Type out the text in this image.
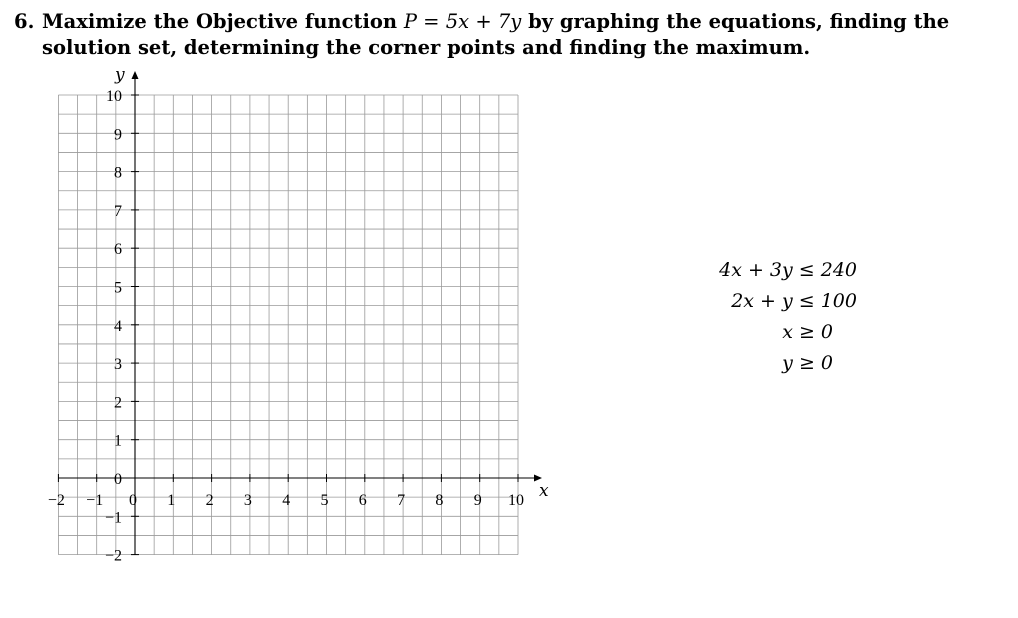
6. Maximize the Objective function P = 5x + 7y by graphing the equations, finding the
solution set, determining the corner points and finding the maximum.
x
y
−2 −1 0 1 2 3 4 5 6 7 8 9 10
−2
−1
0
1
2
3
4
5
6
7
8
9
10
4x + 3y ≤ 240
2x + y ≤ 100
x ≥ 0
y ≥ 0
